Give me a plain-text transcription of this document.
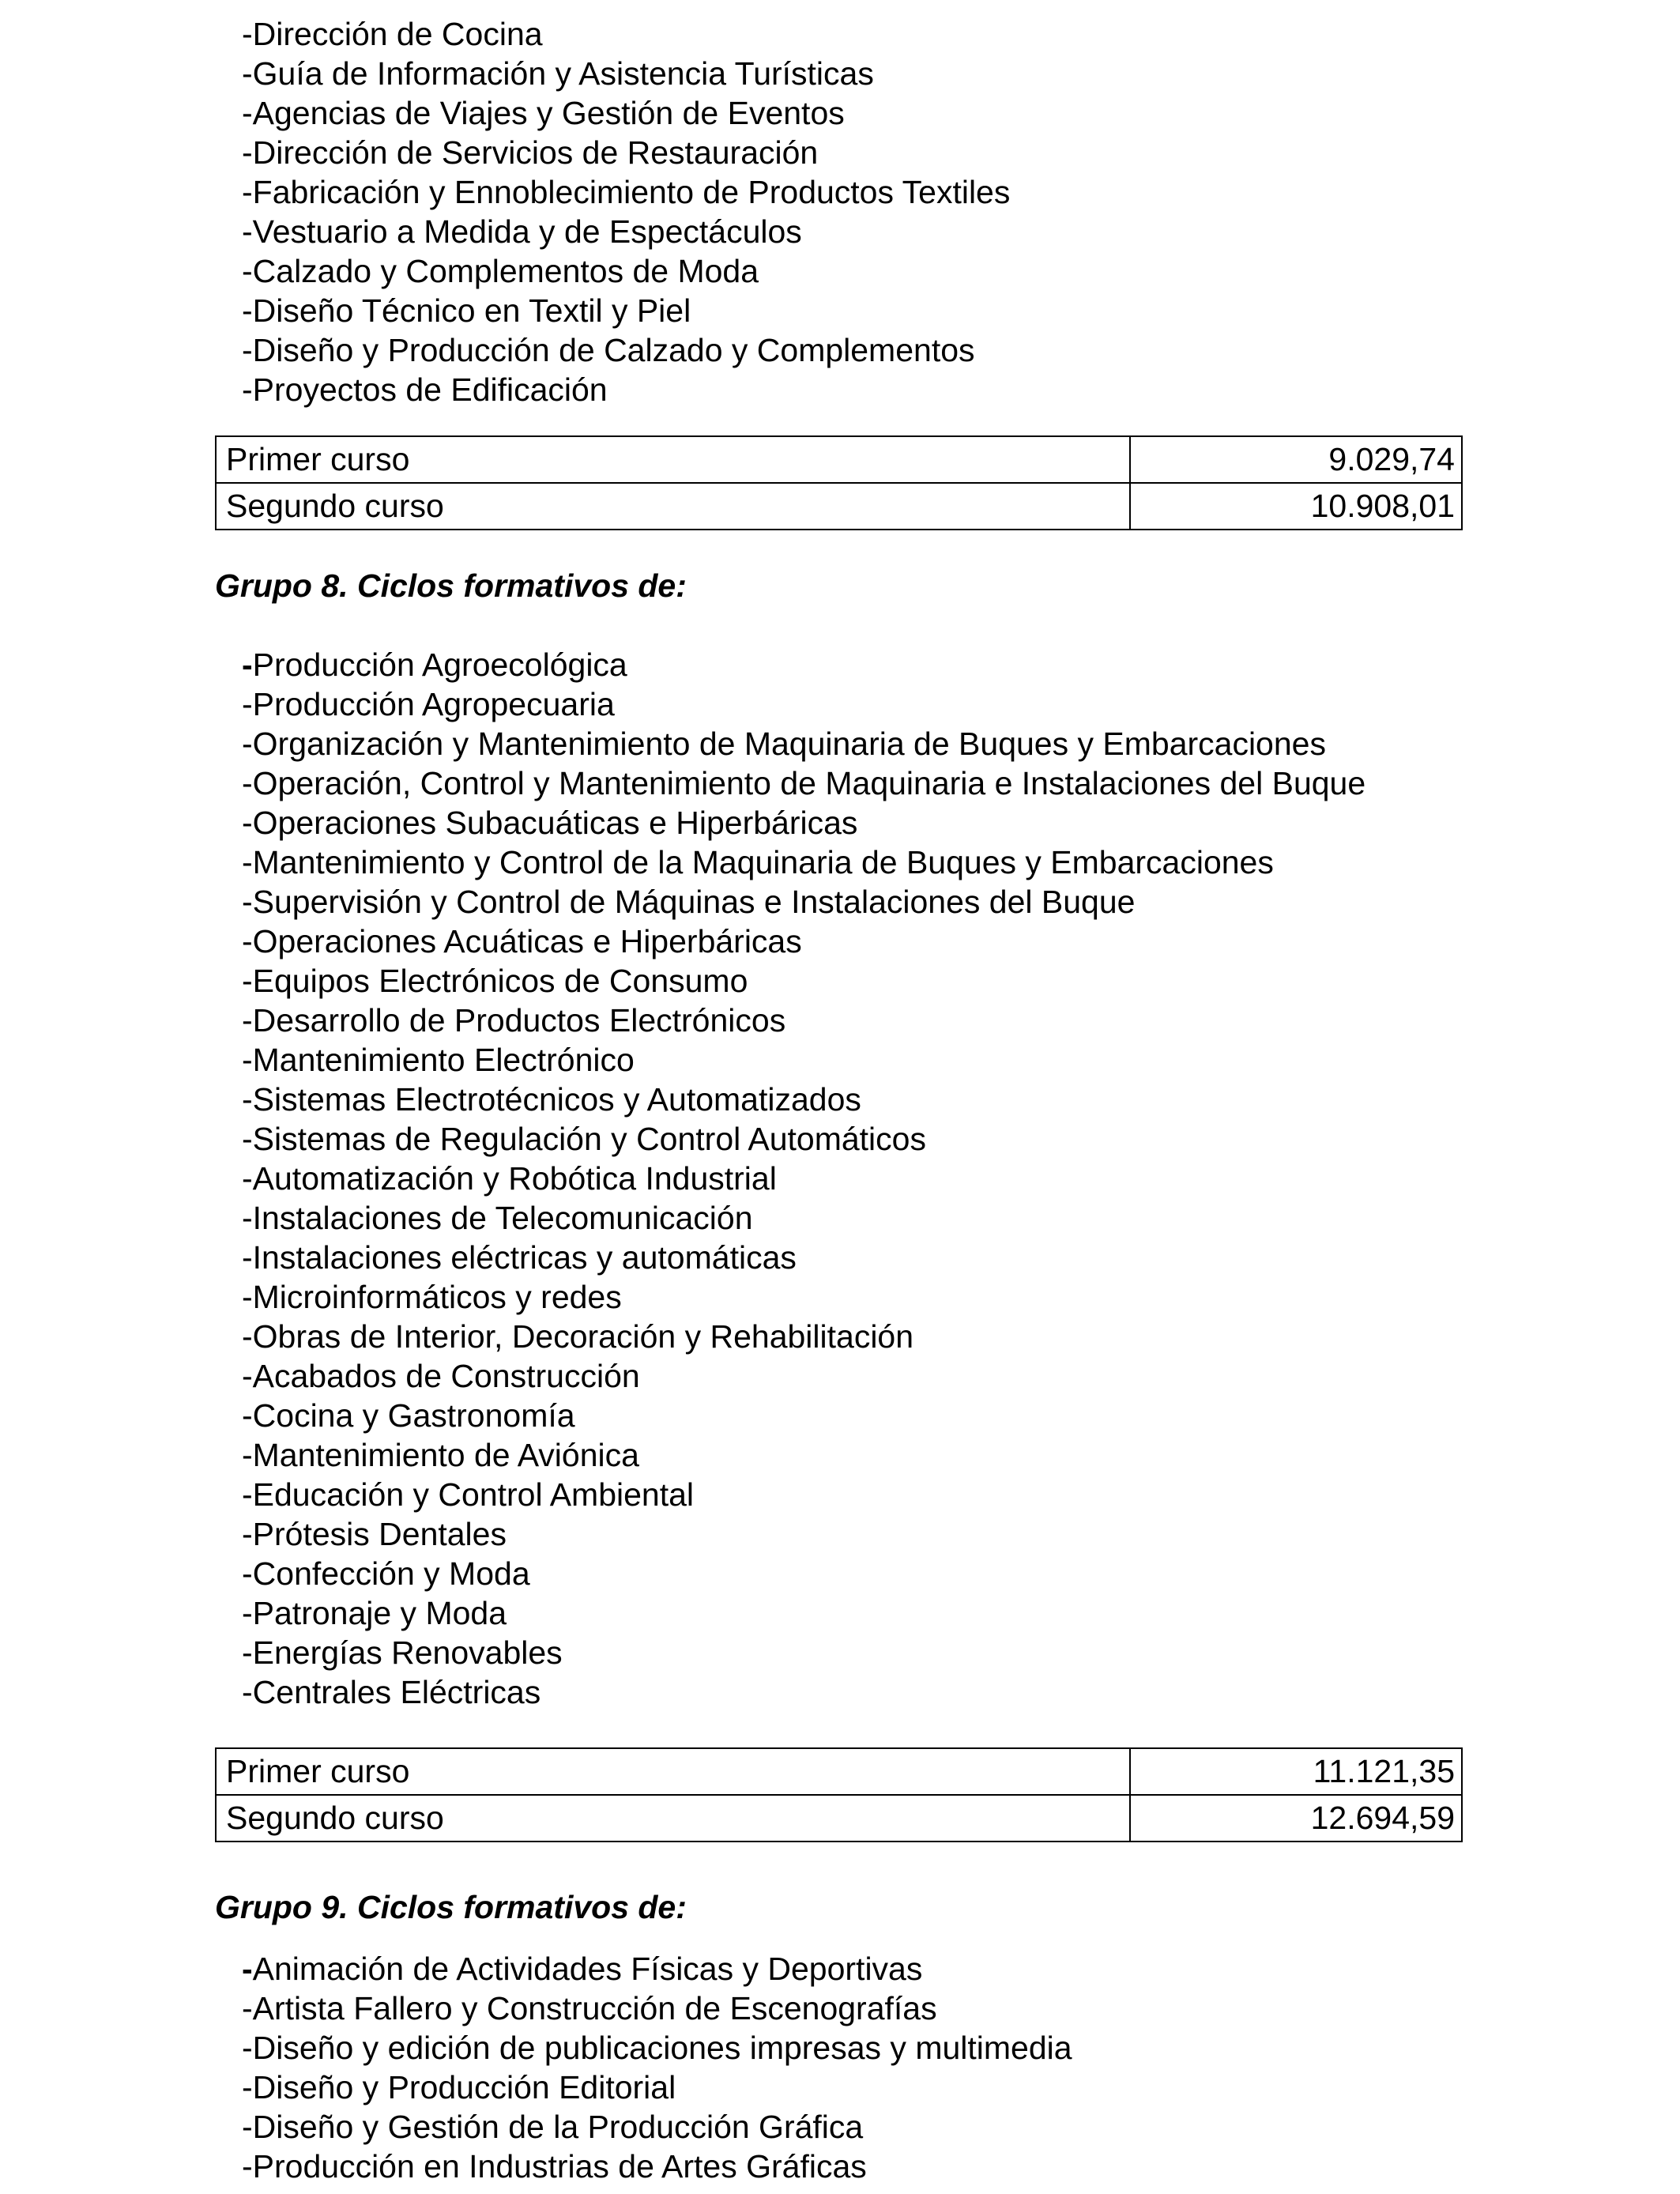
-Dirección de Cocina
-Guía de Información y Asistencia Turísticas
-Agencias de Viajes y Gestión de Eventos
-Dirección de Servicios de Restauración
-Fabricación y Ennoblecimiento de Productos Textiles
-Vestuario a Medida y de Espectáculos
-Calzado y Complementos de Moda
-Diseño Técnico en Textil y Piel
-Diseño y Producción de Calzado y Complementos
-Proyectos de Edificación
Primer curso	9.029,74
Segundo curso	10.908,01

Grupo 8. Ciclos formativos de:

-Producción Agroecológica
-Producción Agropecuaria
-Organización y Mantenimiento de Maquinaria de Buques y Embarcaciones
-Operación, Control y Mantenimiento de Maquinaria e Instalaciones del Buque
-Operaciones Subacuáticas e Hiperbáricas
-Mantenimiento y Control de la Maquinaria de Buques y Embarcaciones
-Supervisión y Control de Máquinas e Instalaciones del Buque
-Operaciones Acuáticas e Hiperbáricas
-Equipos Electrónicos de Consumo
-Desarrollo de Productos Electrónicos
-Mantenimiento Electrónico
-Sistemas Electrotécnicos y Automatizados
-Sistemas de Regulación y Control Automáticos
-Automatización y Robótica Industrial
-Instalaciones de Telecomunicación
-Instalaciones eléctricas y automáticas
-Microinformáticos y redes
-Obras de Interior, Decoración y Rehabilitación
-Acabados de Construcción
-Cocina y Gastronomía
-Mantenimiento de Aviónica
-Educación y Control Ambiental
-Prótesis Dentales
-Confección y Moda
-Patronaje y Moda
-Energías Renovables
-Centrales Eléctricas
Primer curso	11.121,35
Segundo curso	12.694,59

Grupo 9. Ciclos formativos de:

-Animación de Actividades Físicas y Deportivas
-Artista Fallero y Construcción de Escenografías
-Diseño y edición de publicaciones impresas y multimedia
-Diseño y Producción Editorial
-Diseño y Gestión de la Producción Gráfica
-Producción en Industrias de Artes Gráficas
